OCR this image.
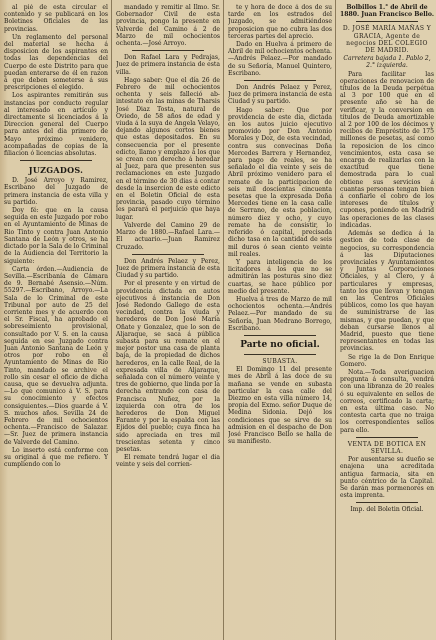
al pié de esta circular el contenido y se publicará en los Boletines Oficiales de las provincias.

Un reglamento del personal del material se hecha á disposicion de los aspirantes en todas las dependencias del Cuerpo de este Distrito para que puedan enterarse de él en razon á que deben someterse á sus prescripciones el elegido.

Los aspirantes remitirán sus instancias por conducto regular al interesado en artículo y directamente si licenciados á la Direccion general del Cuerpo para antes del dia primero de Mayo próximo venidero, acompañadas de copias de la filiacion ó licencias absolutas.

JUZGADOS.

D. José Arroyo y Ramirez, Escribano del Juzgado de primera instancia de esta villa y su partido.

Doy fé: que en la causa seguida en este Juzgado por robo en el Ayuntamiento de Minas de Rio Tinto y contra Juan Antonio Santana de León y otros, se ha dictado por la Sala de lo Criminal de la Audiencia del Territorio la siguiente:

Carta órden.—Audiencia de Sevilla.—Escribanía de Cámara de 9. Bernabé Asensio.—Núm. 55297.—Escribano, Arroyo.—La Sala de lo Criminal de este Tribunal por auto de 25 del corriente mes y de acuerdo con el Sr. Fiscal, ha aprobado el sobreseimiento provisional, consultado por V. S. en la causa seguida en ese Juzgado contra Juan Antonio Santana de León y otros por robo en el Ayuntamiento de Minas de Rio Tinto, mandado se archive el rollo sin cesar el oficio de dicha causa, que se devuelva adjunta.—Lo que comunico á V. S. para su conocimiento y efectos consiguientes.—Dios guarde á V. S. muchos años. Sevilla 24 de Febrero de mil ochocientos ochenta.—Francisco de Salazar.—Sr. Juez de primera instancia de Valverde del Camino.

Lo inserto está conforme con su original á que me refiero. Y cumpliendo con lo

mandado y remitir al Ilmo. Sr. Gobernador Civil de esta provincia, pongo la presente en Valverde del Camino á 2 de Marzo de mil ochocientos ochenta.—José Arroyo.

Don Rafael Lara y Pedrajas, Juez de primera instancia de esta villa.

Hago saber: Que el día 26 de Febrero de mil ochocientos ochenta y seis falleció ab-intestato en las minas de Tharsis José Diaz Tosta, natural de Oviedo, de 58 años de edad y viuda á la suya de Angela Velayo, dejando algunos cortos bienes que estas depositados. En su consecuencia por el presente edicto, llamo y emplazo á los que se crean con derecho á heredar al Juez, para que presenten sus reclamaciones en este Juzgado en el término de 30 dias á contar desde la insercion de este edicto en el Boletin Oficial de esta provincia, pasado cuyo término les parará el perjuicio que haya lugar.

Valverde del Camino 29 de Marzo de 1880.—Rafael Lara.—El actuario.—Juan Ramirez Cruzado.

Don Andrés Pelaez y Perez, Juez de primera instancia de esta Ciudad y su partido.

Por el presente y en virtud de providencia dictada en autos ejecutivos á instancia de Don José Redondo Gallego de esta vecindad, contra la viuda y herederos de Don José María Oñate y Gonzalez, que lo son de Aljaraque, se saca á pública subasta para su remate en el mejor postor una casa de planta baja, de la propiedad de dichos herederos, en la calle Real, de la expresada villa de Aljaraque, señalada con el número veinte y tres de gobierno, que linda por la derecha entrando con casa de Francisca Nuñez, por la izquierda con otra de los herederos de Don Miguel Farante y por la espalda con las Ejidos del pueblo; cuya finca ha sido apreciada en tres mil trescientas setenta y cinco pesetas.

El remate tendrá lugar el dia veinte y seis del corrien-

te y hora de doce á dos de su tarde en los estrados del Juzgado, se admitiéndose proposicion que no cubra las dos terceras partes del aprecio.

Dado en Huelva á primero de Abril de mil ochocientos ochenta.—Andrés Pelaez.—Por mandado de su Señoría, Manuel Quintero, Escribano.

Don Andrés Pelaez y Perez, Juez de primera instancia de esta Ciudad y su partido.

Hago saber: Que por providencia de este dia, dictada en los autos juicio ejecutivo promovido por Don Antonio Morales y Doz, de esta vecindad, contra sus convecinas Doña Mercedes Barrera y Hernandez, para pago de reales, se ha señalado el dia veinte y seis de Abril próximo venidero para el remate de la participacion de seis mil doscientas cincuenta pesetas que la expresada Doña Mercedes tiene en la casa calle de Serrano, de esta poblacion, número diez y ocho, y cuyo remate ha de consistir, lo referido ó capital, precisada dicho tasa en la cantidad de seis mil duros ó sean ciento veinte mil reales.

Y para inteligencia de los licitadores á los que no se admitirán las posturas sino diez cuartas, se hace público por medio del presente.

Huelva á tres de Marzo de mil ochocientos ochenta.—Andrés Pelaez.—Por mandado de su Señoría, Juan Medrano Borrego, Escribano.

Parte no oficial.

SUBASTA.

El Domingo 11 del presente mes de Abril á las doce de su mañana se vende en subasta particular la casa calle del Diezmo en esta villa número 14, propia del Exmo. señor Duque de Medina Sidonia. Dejó los condiciones que se sirve de su admision en el despacho de Don José Francisco Bello se halla de su manifiesto.

Bolbillos 1.° de Abril de 1880. Juan Francisco Bello.

D. JOSÉ MARÍA MAÑAS Y GRACIA, Agente de negocios DEL COLEGIO DE MADRID.

Carretera bajada 1. Pablo 2, 2.° izquierda.

Para facilitar las operaciones de renovacion de títulos de la Deuda perpétua al 3 por 100 que en el presente año se ha de verificar, y la conversion en títulos de Deuda amortizable al 2 por 100 de los décimos y recibos de Empréstito de 175 millones de pesetas, así como la reposicion de los cinco vencimientos, esta casa se encarga de realizarlas con la exactitud que tiene demostrada para lo cual obtiene sus servicios á cuantas personas tengan bien á confiarle el cobro de los intereses de títulos y cupones, poniendo en Madrid las operaciones de las clases indicadas.

Además se dedica á la gestion de toda clase de negocios, su correspondencia á las Diputaciones provinciales y Ayuntamientos y Juntas Corporaciones Oficiales, y al Clero, y á particulares y empresas, tanto los que llevan y tengan en las Centros Oficiales públicos, como los que hayan de suministrarse de las mismas, y que puedan, y que deban cursarse llenos al Madrid, puesto que tiene representantes en todas las provincias.

Se rige la de Don Enrique Gomero.

Nota.—Toda averiguacion pregunta á consulta, vendrá con una libranza de 20 reales ó su equivalente en sellos de correos, certificado la carta; en esta última caso. No contesta carta que no traiga los correspondientes sellos para ello.

VENTA DE BOTICA EN SEVILLA.

Por ausentarse su dueño se enajena una acreditada antigua farmacia, sita en punto céntrico de la Capital. Se darán mas pormenores en esta imprenta.

Imp. del Boletin Oficial.
